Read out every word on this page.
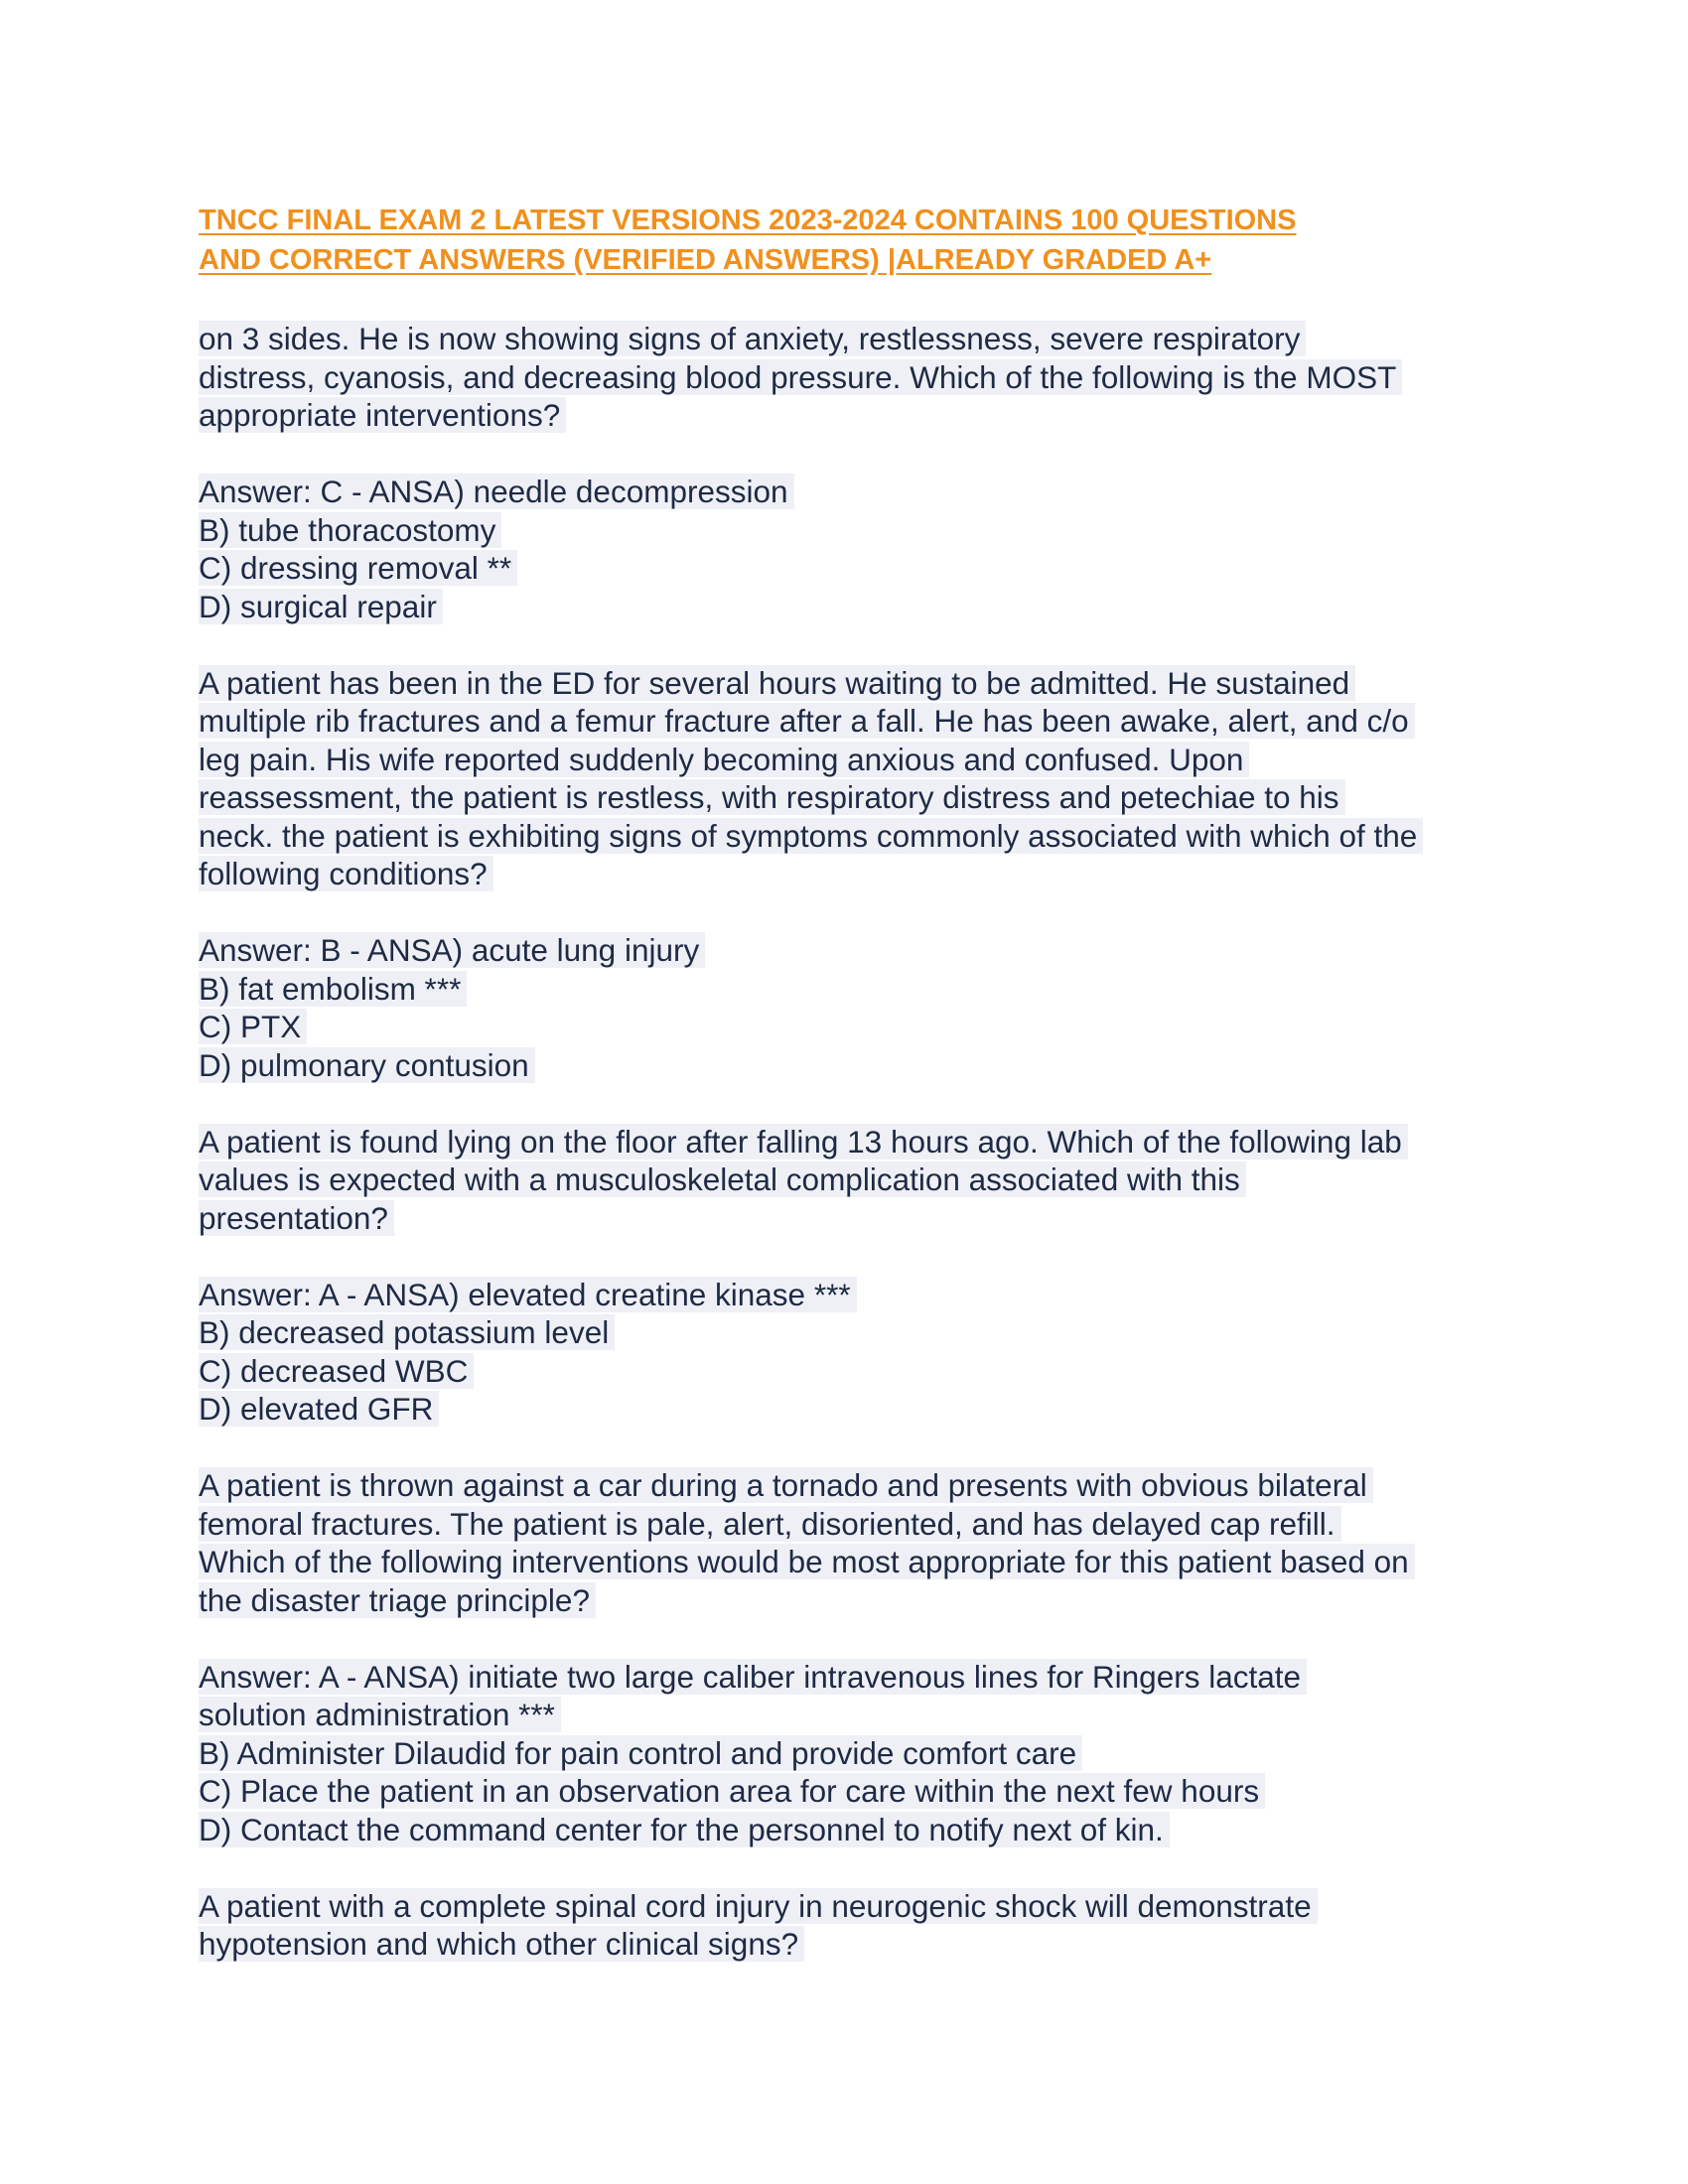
TNCC FINAL EXAM 2 LATEST VERSIONS 2023-2024 CONTAINS 100 QUESTIONS
AND CORRECT ANSWERS (VERIFIED ANSWERS) |ALREADY GRADED A+
on 3 sides. He is now showing signs of anxiety, restlessness, severe respiratory
distress, cyanosis, and decreasing blood pressure. Which of the following is the MOST
appropriate interventions?
Answer: C - ANSA) needle decompression
B) tube thoracostomy
C) dressing removal **
D) surgical repair
A patient has been in the ED for several hours waiting to be admitted. He sustained
multiple rib fractures and a femur fracture after a fall. He has been awake, alert, and c/o
leg pain. His wife reported suddenly becoming anxious and confused. Upon
reassessment, the patient is restless, with respiratory distress and petechiae to his
neck. the patient is exhibiting signs of symptoms commonly associated with which of the
following conditions?
Answer: B - ANSA) acute lung injury
B) fat embolism ***
C) PTX
D) pulmonary contusion
A patient is found lying on the floor after falling 13 hours ago. Which of the following lab
values is expected with a musculoskeletal complication associated with this
presentation?
Answer: A - ANSA) elevated creatine kinase ***
B) decreased potassium level
C) decreased WBC
D) elevated GFR
A patient is thrown against a car during a tornado and presents with obvious bilateral
femoral fractures. The patient is pale, alert, disoriented, and has delayed cap refill.
Which of the following interventions would be most appropriate for this patient based on
the disaster triage principle?
Answer: A - ANSA) initiate two large caliber intravenous lines for Ringers lactate
solution administration ***
B) Administer Dilaudid for pain control and provide comfort care
C) Place the patient in an observation area for care within the next few hours
D) Contact the command center for the personnel to notify next of kin.
A patient with a complete spinal cord injury in neurogenic shock will demonstrate
hypotension and which other clinical signs?
